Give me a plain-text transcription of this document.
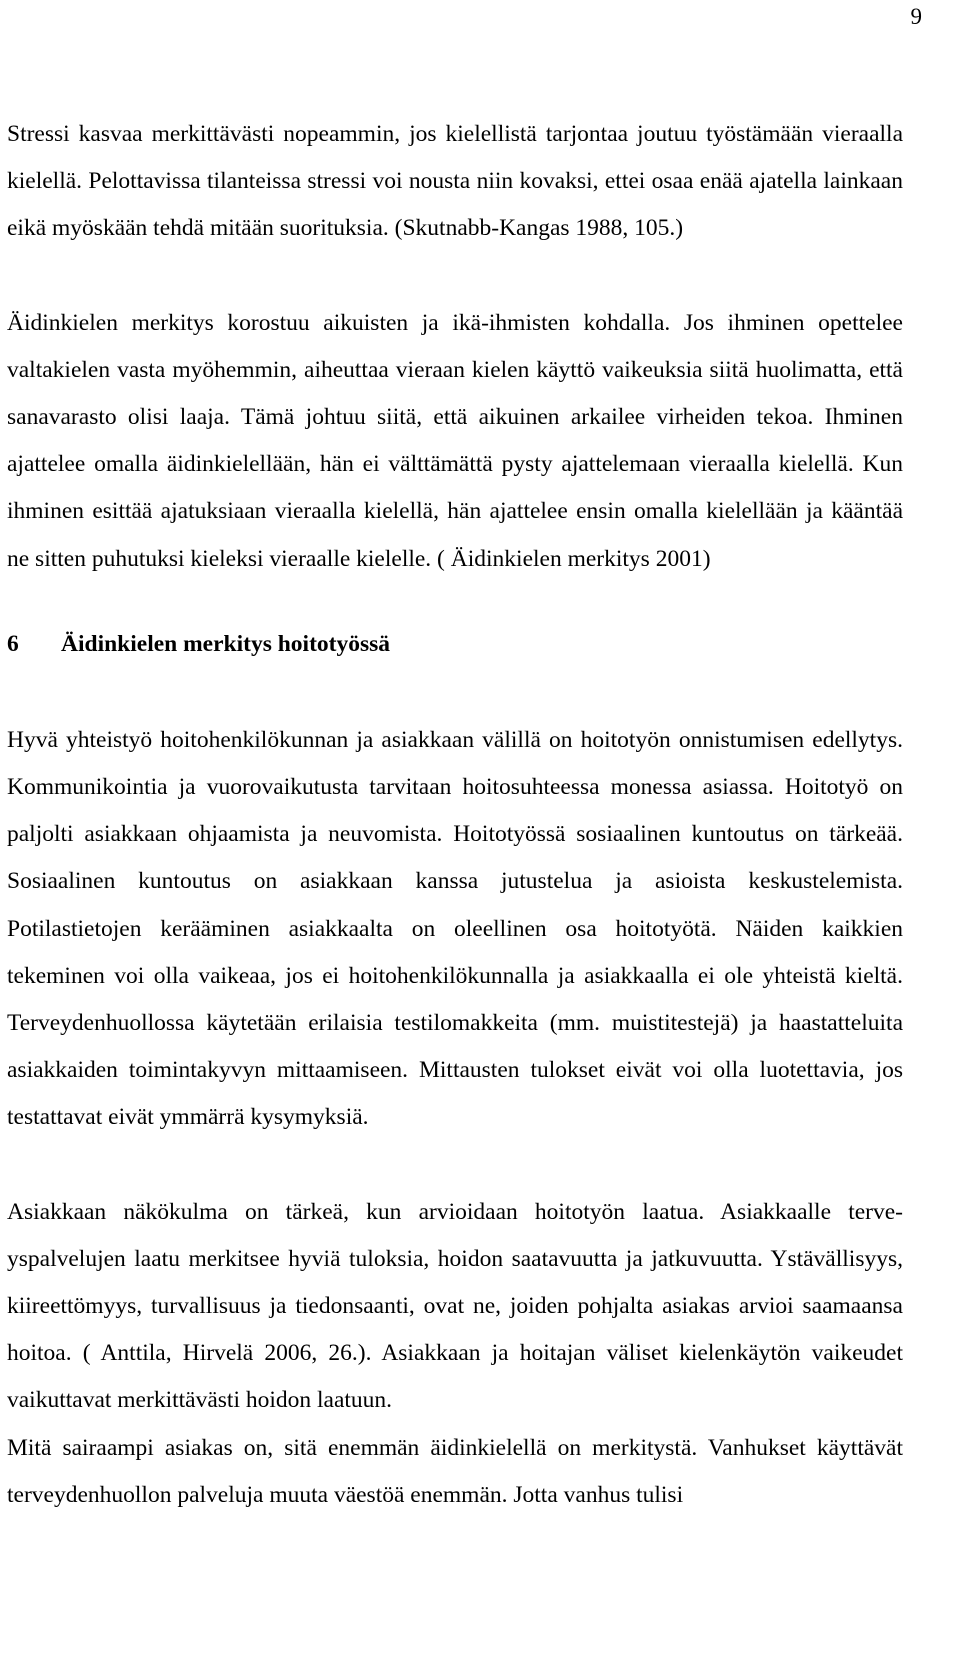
9

Stressi kasvaa merkittävästi nopeammin, jos kielellistä tarjontaa joutuu työstämään vieraalla kielellä. Pelottavissa tilanteissa stressi voi nousta niin kovaksi, ettei osaa enää ajatella lainkaan eikä myöskään tehdä mitään suorituksia. (Skutnabb-Kangas 1988, 105.)

Äidinkielen merkitys korostuu aikuisten ja ikä-ihmisten kohdalla. Jos ihminen opettelee valtakielen vasta myöhemmin, aiheuttaa vieraan kielen käyttö vaikeuksia siitä huolimatta, että sanavarasto olisi laaja. Tämä johtuu siitä, että aikuinen arkailee virheiden tekoa. Ihminen ajattelee omalla äidinkielellään, hän ei välttämättä pysty ajattelemaan vieraalla kielellä. Kun ihminen esittää ajatuksiaan vieraalla kielellä, hän ajattelee ensin omalla kielellään ja kääntää ne sitten puhutuksi kieleksi vieraalle kielelle. ( Äidinkielen merkitys 2001)

6	Äidinkielen merkitys hoitotyössä

Hyvä yhteistyö hoitohenkilökunnan ja asiakkaan välillä on hoitotyön onnistumisen edellytys. Kommunikointia ja vuorovaikutusta tarvitaan hoitosuhteessa monessa asiassa. Hoitotyö on paljolti asiakkaan ohjaamista ja neuvomista. Hoitotyössä sosiaalinen kuntoutus on tärkeää. Sosiaalinen kuntoutus on asiakkaan kanssa jutustelua ja asioista keskustelemista. Potilastietojen kerääminen asiakkaalta on oleellinen osa hoitotyötä. Näiden kaikkien tekeminen voi olla vaikeaa, jos ei hoitohenkilökunnalla ja asiakkaalla ei ole yhteistä kieltä. Terveydenhuollossa käytetään erilaisia testilomakkeita (mm. muistitestejä) ja haastatteluita asiakkaiden toimintakyvyn mittaamiseen. Mittausten tulokset eivät voi olla luotettavia, jos testattavat eivät ymmärrä kysymyksiä.

Asiakkaan näkökulma on tärkeä, kun arvioidaan hoitotyön laatua. Asiakkaalle terveyspalvelujen laatu merkitsee hyviä tuloksia, hoidon saatavuutta ja jatkuvuutta. Ystävällisyys, kiireettömyys, turvallisuus ja tiedonsaanti, ovat ne, joiden pohjalta asiakas arvioi saamaansa hoitoa. ( Anttila, Hirvelä 2006, 26.). Asiakkaan ja hoitajan väliset kielenkäytön vaikeudet vaikuttavat merkittävästi hoidon laatuun.

Mitä sairaampi asiakas on, sitä enemmän äidinkielellä on merkitystä. Vanhukset käyttävät terveydenhuollon palveluja muuta väestöä enemmän. Jotta vanhus tulisi
